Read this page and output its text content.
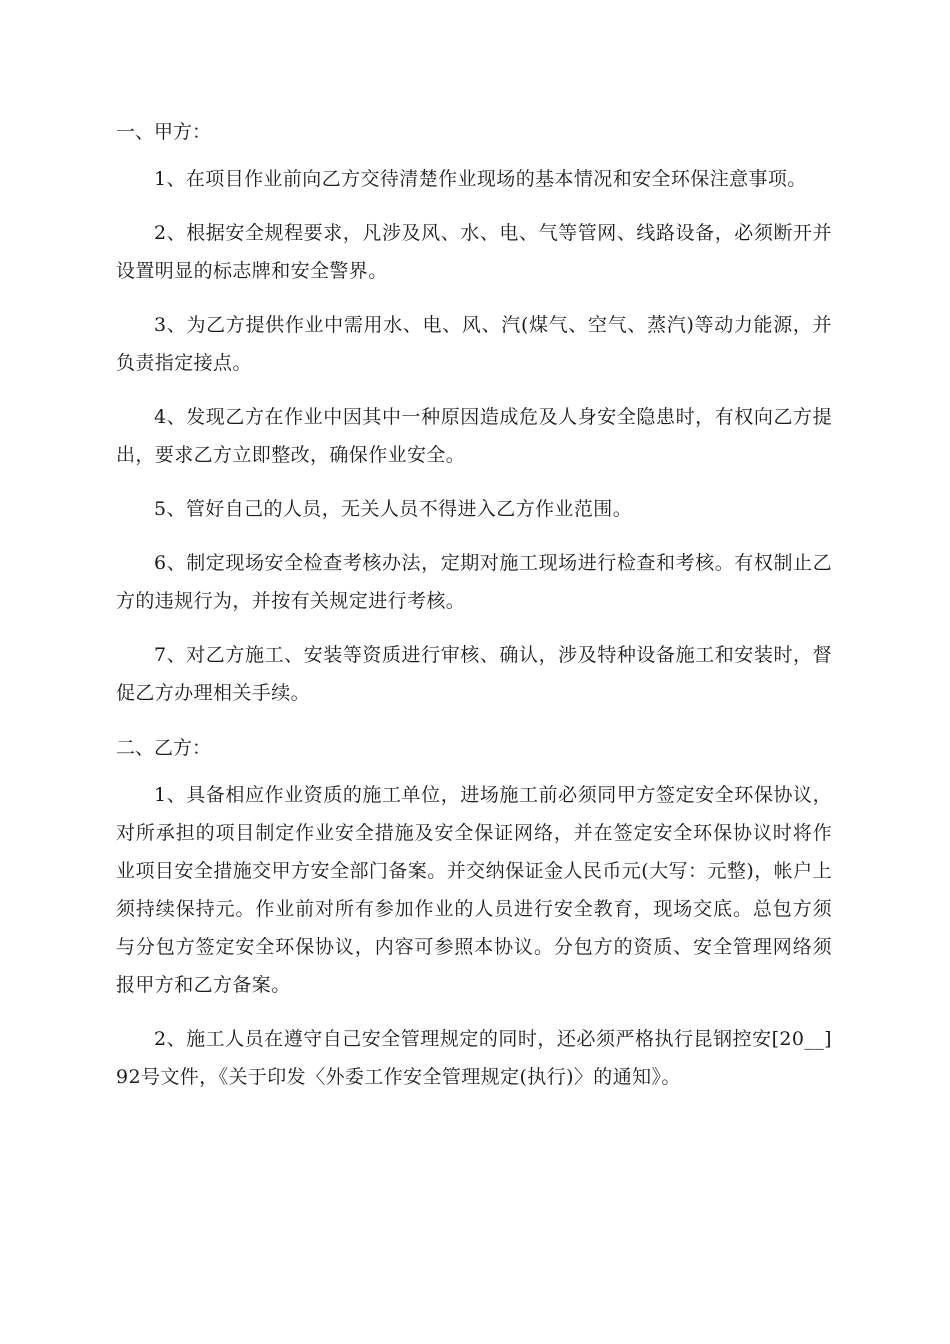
一、甲方：
1、在项目作业前向乙方交待清楚作业现场的基本情况和安全环保注意事项。
2、根据安全规程要求，凡涉及风、水、电、气等管网、线路设备，必须断开并设置明显的标志牌和安全警界。
3、为乙方提供作业中需用水、电、风、汽(煤气、空气、蒸汽)等动力能源，并负责指定接点。
4、发现乙方在作业中因其中一种原因造成危及人身安全隐患时，有权向乙方提出，要求乙方立即整改，确保作业安全。
5、管好自己的人员，无关人员不得进入乙方作业范围。
6、制定现场安全检查考核办法，定期对施工现场进行检查和考核。有权制止乙方的违规行为，并按有关规定进行考核。
7、对乙方施工、安装等资质进行审核、确认，涉及特种设备施工和安装时，督促乙方办理相关手续。
二、乙方：
1、具备相应作业资质的施工单位，进场施工前必须同甲方签定安全环保协议，对所承担的项目制定作业安全措施及安全保证网络，并在签定安全环保协议时将作业项目安全措施交甲方安全部门备案。并交纳保证金人民币元(大写：元整)，帐户上须持续保持元。作业前对所有参加作业的人员进行安全教育，现场交底。总包方须与分包方签定安全环保协议，内容可参照本协议。分包方的资质、安全管理网络须报甲方和乙方备案。
2、施工人员在遵守自己安全管理规定的同时，还必须严格执行昆钢控安[20__]92号文件，《关于印发〈外委工作安全管理规定(执行)〉的通知》。
